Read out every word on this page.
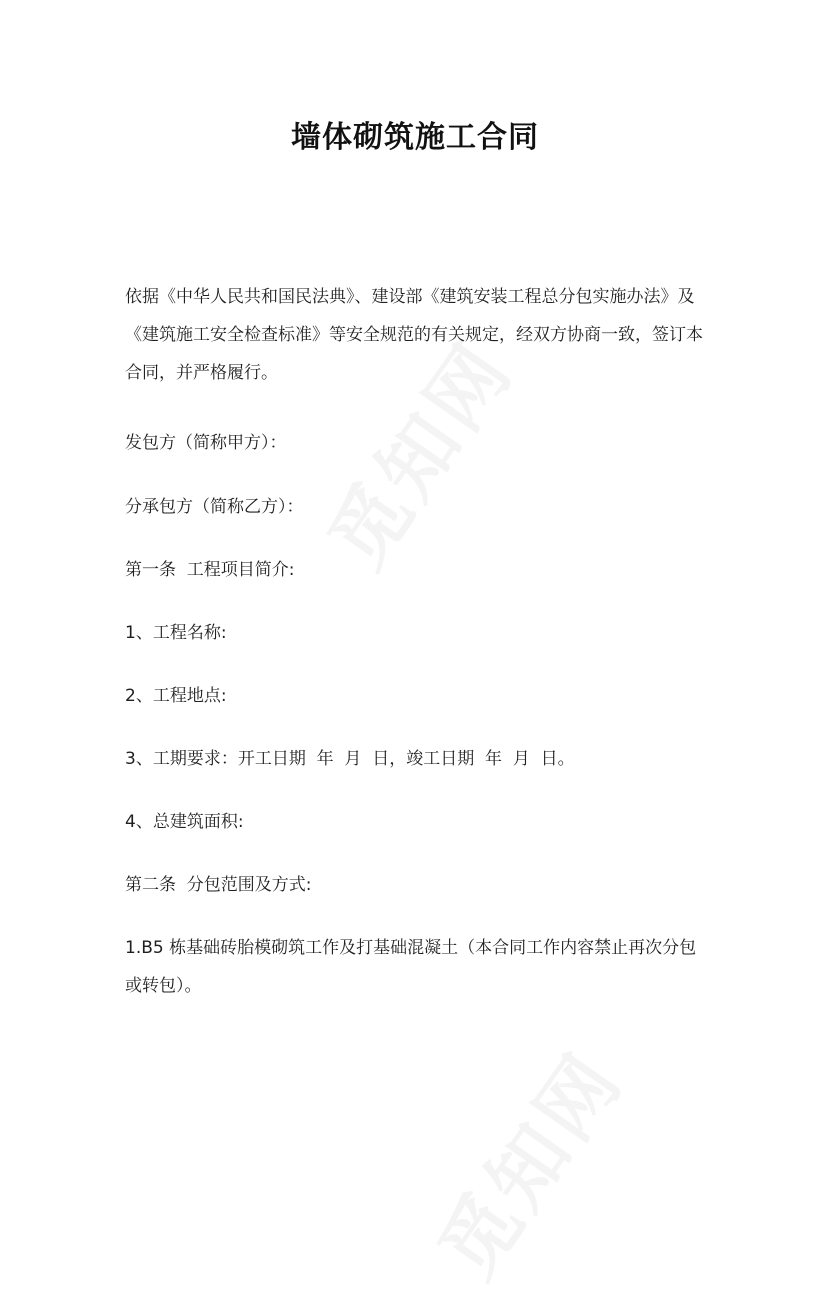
墙体砌筑施工合同
依据《中华人民共和国民法典》、建设部《建筑安装工程总分包实施办法》及《建筑施工安全检查标准》等安全规范的有关规定，经双方协商一致，签订本合同，并严格履行。
发包方（简称甲方）：
分承包方（简称乙方）：
第一条  工程项目简介:
1、工程名称:
2、工程地点:
3、工期要求：开工日期  年  月  日，竣工日期  年  月  日。
4、总建筑面积:
第二条  分包范围及方式:
1.B5 栋基础砖胎模砌筑工作及打基础混凝土（本合同工作内容禁止再次分包或转包）。
